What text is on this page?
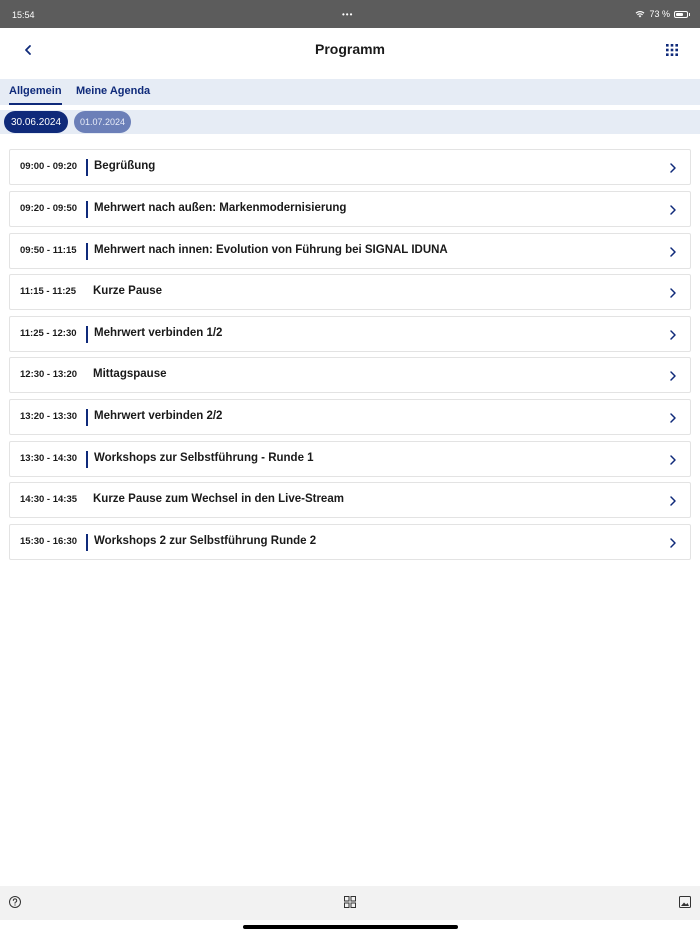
15:54	•••	73 %
Programm
Allgemein Meine Agenda
30.06.2024	01.07.2024
09:00 - 09:20 Begrüßung
09:20 - 09:50 Mehrwert nach außen: Markenmodernisierung
09:50 - 11:15 Mehrwert nach innen: Evolution von Führung bei SIGNAL IDUNA
11:15 - 11:25 Kurze Pause
11:25 - 12:30 Mehrwert verbinden 1/2
12:30 - 13:20 Mittagspause
13:20 - 13:30 Mehrwert verbinden 2/2
13:30 - 14:30 Workshops zur Selbstführung - Runde 1
14:30 - 14:35 Kurze Pause zum Wechsel in den Live-Stream
15:30 - 16:30 Workshops 2 zur Selbstführung Runde 2
